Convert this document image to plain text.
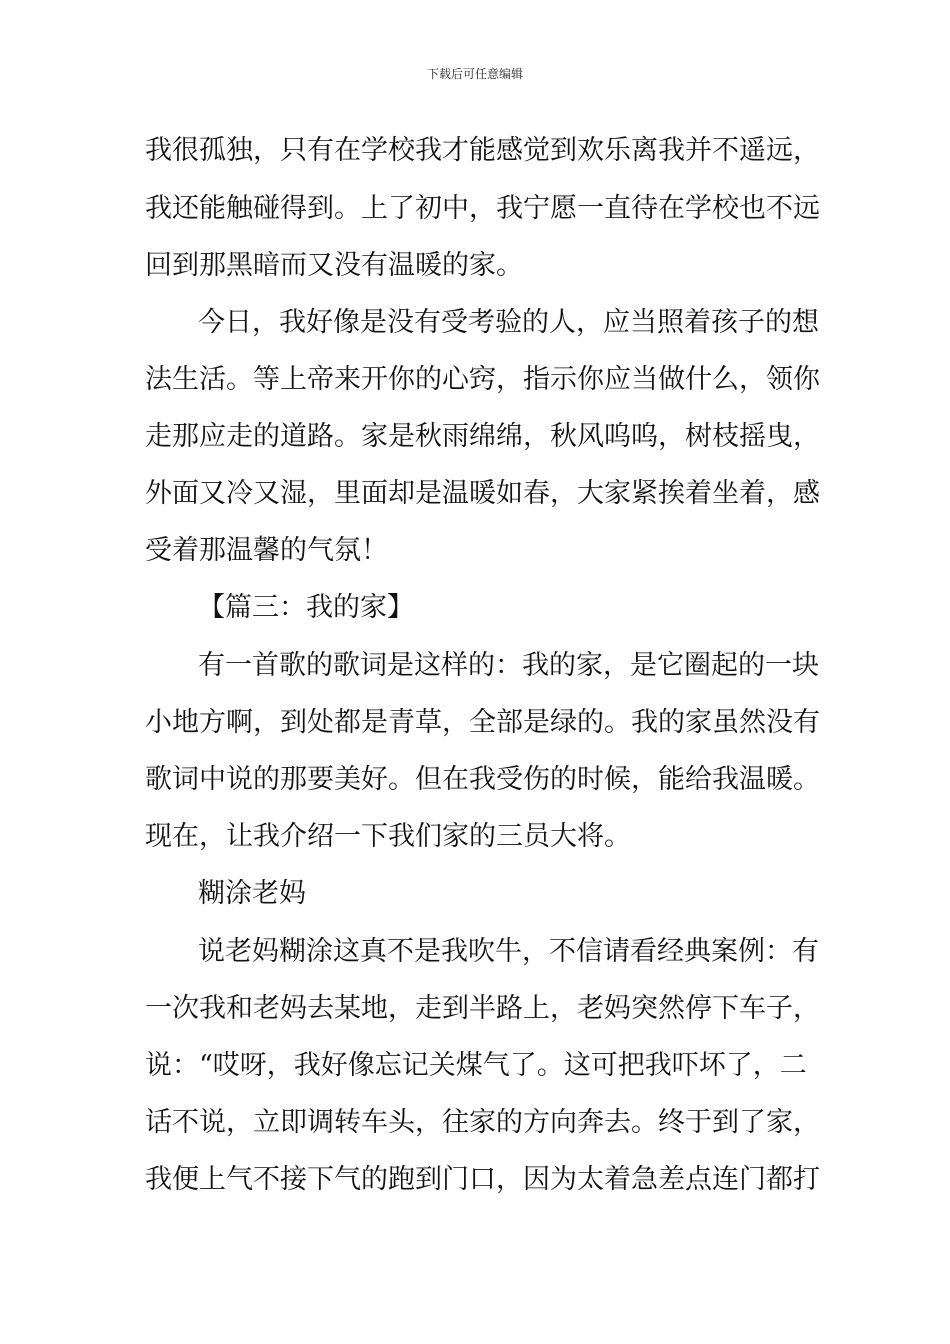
下载后可任意编辑
我很孤独，只有在学校我才能感觉到欢乐离我并不遥远，
我还能触碰得到。上了初中，我宁愿一直待在学校也不远
回到那黑暗而又没有温暖的家。
今日，我好像是没有受考验的人，应当照着孩子的想
法生活。等上帝来开你的心窍，指示你应当做什么，领你
走那应走的道路。家是秋雨绵绵，秋风呜呜，树枝摇曳，
外面又冷又湿，里面却是温暖如春，大家紧挨着坐着，感
受着那温馨的气氛！
【篇三：我的家】
有一首歌的歌词是这样的：我的家，是它圈起的一块
小地方啊，到处都是青草，全部是绿的。我的家虽然没有
歌词中说的那要美好。但在我受伤的时候，能给我温暖。
现在，让我介绍一下我们家的三员大将。
糊涂老妈
说老妈糊涂这真不是我吹牛，不信请看经典案例：有
一次我和老妈去某地，走到半路上，老妈突然停下车子，
说：“哎呀，我好像忘记关煤气了。这可把我吓坏了，二
话不说，立即调转车头，往家的方向奔去。终于到了家，
我便上气不接下气的跑到门口，因为太着急差点连门都打
